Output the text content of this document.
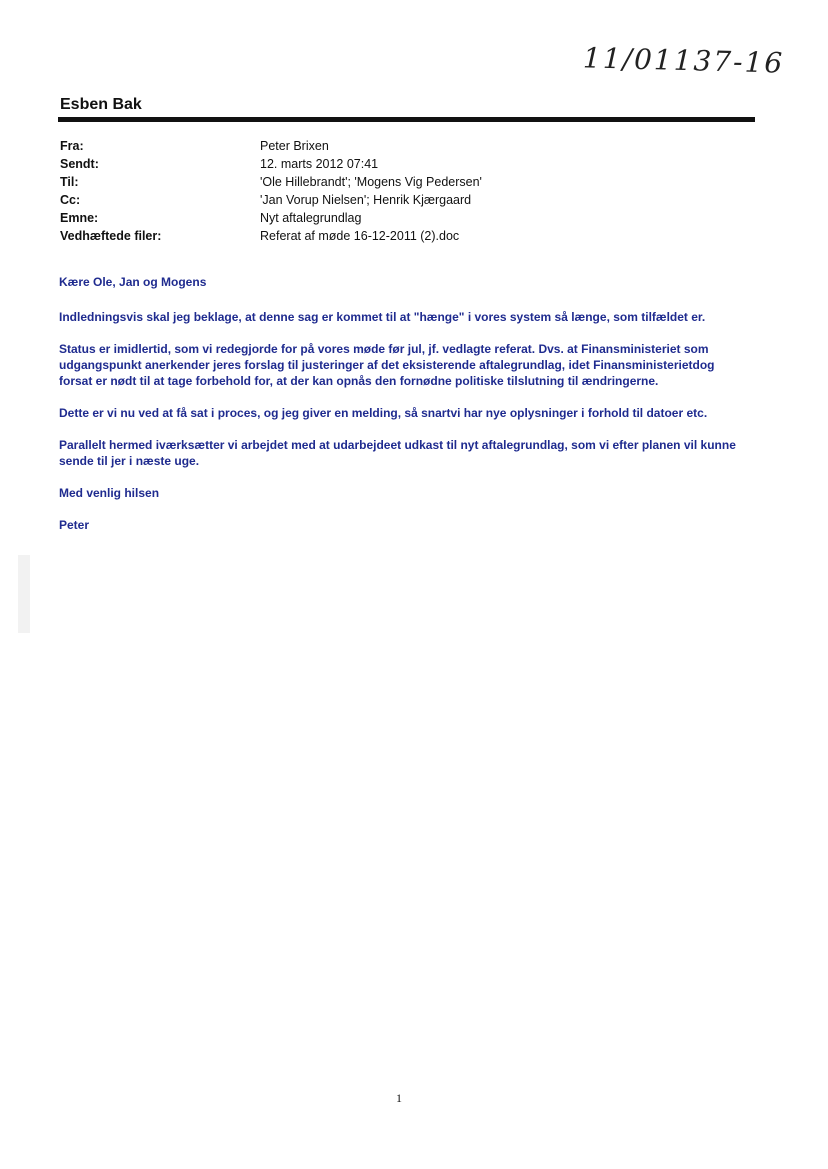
11/01137-16
Esben Bak
Fra:	Peter Brixen
Sendt:	12. marts 2012 07:41
Til:	'Ole Hillebrandt'; 'Mogens Vig Pedersen'
Cc:	'Jan Vorup Nielsen'; Henrik Kjærgaard
Emne:	Nyt aftalegrundlag
Vedhæftede filer:	Referat af møde 16-12-2011 (2).doc

Kære Ole, Jan og Mogens

Indledningsvis skal jeg beklage, at denne sag er kommet til at "hænge" i vores system så længe, som tilfældet er.

Status er imidlertid, som vi redegjorde for på vores møde før jul, jf. vedlagte referat. Dvs. at Finansministeriet som udgangspunkt anerkender jeres forslag til justeringer af det eksisterende aftalegrundlag, idet Finansministerietdog forsat er nødt til at tage forbehold for, at der kan opnås den fornødne politiske tilslutning til ændringerne.

Dette er vi nu ved at få sat i proces, og jeg giver en melding, så snartvi har nye oplysninger i forhold til datoer etc.

Parallelt hermed iværksætter vi arbejdet med at udarbejdeet udkast til nyt aftalegrundlag, som vi efter planen vil kunne sende til jer i næste uge.

Med venlig hilsen

Peter

1
